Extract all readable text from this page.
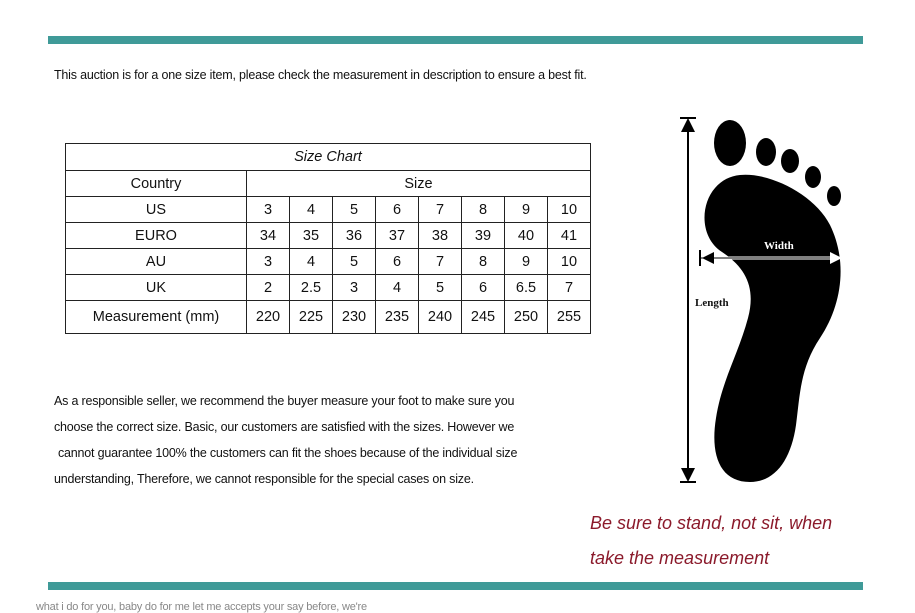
This auction is for a one size item, please check the measurement in description to ensure a best fit.
Size Chart								
Country	Size							
US	3	4	5	6	7	8	9	10
EURO	34	35	36	37	38	39	40	41
AU	3	4	5	6	7	8	9	10
UK	2	2.5	3	4	5	6	6.5	7
Measurement (mm)	220	225	230	235	240	245	250	255
As a responsible seller, we recommend the buyer measure your foot to make sure you
choose the correct size. Basic, our customers are satisfied with the sizes. However we
cannot guarantee 100% the customers can fit the shoes because of the individual size
understanding, Therefore, we cannot responsible for the special cases on size.
Width
Length
Be sure to stand, not sit, when
take the measurement
what i do for you, baby do for me let me accepts your say before, we're
